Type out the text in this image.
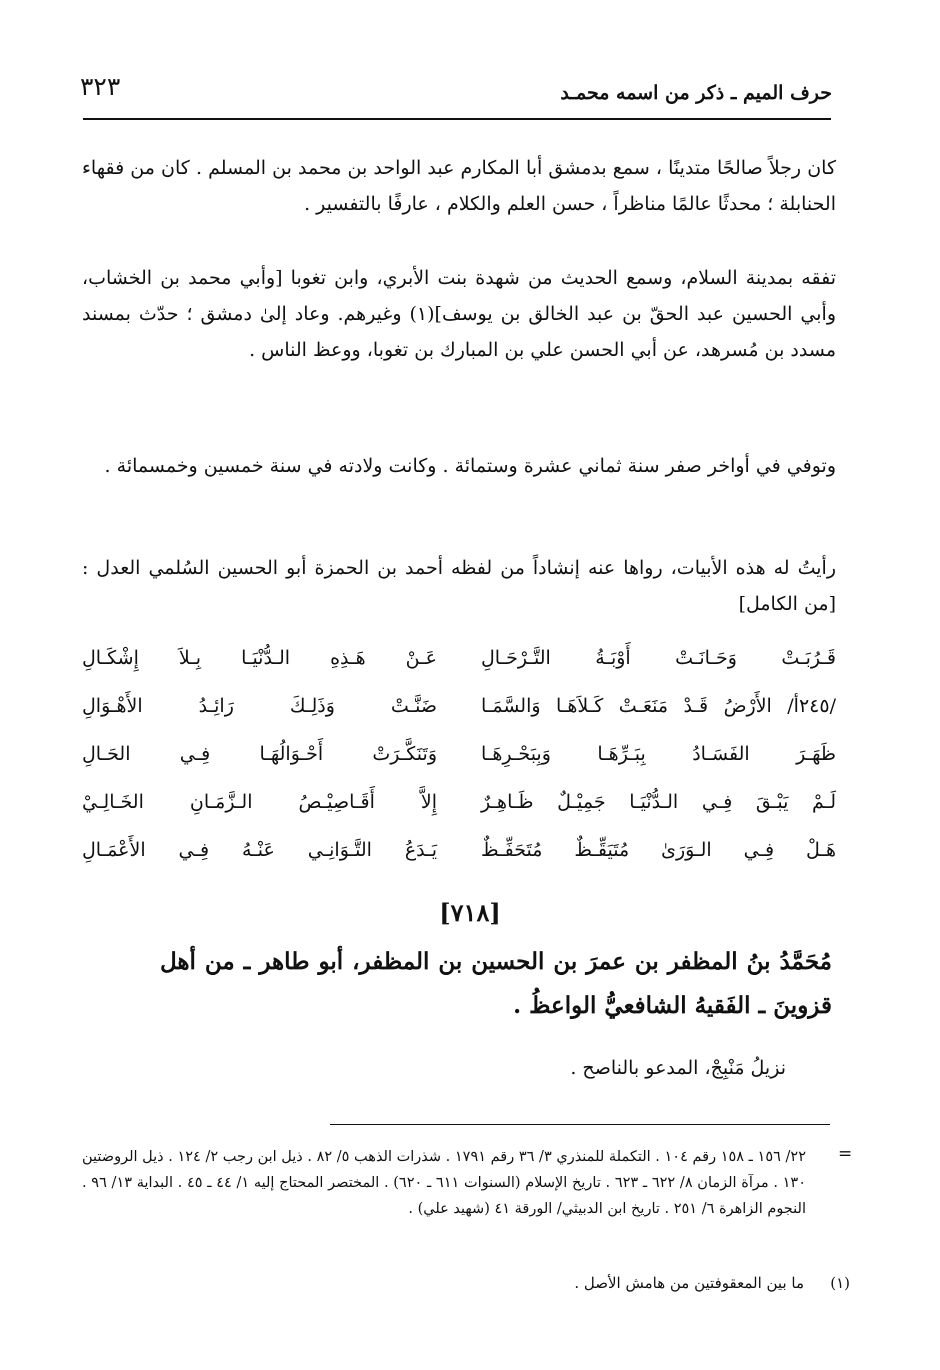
٣٢٣	حرف الميم ـ ذكر من اسمه محمـد

كان رجلاً صالحًا متدينًا ، سمع بدمشق أبا المكارم عبد الواحد بن محمد بن المسلم . كان من فقهاء الحنابلة ؛ محدثًا عالمًا مناظراً ، حسن العلم والكلام ، عارفًا بالتفسير .

تفقه بمدينة السلام، وسمع الحديث من شهدة بنت الأبري، وابن تغوبا [وأبي محمد بن الخشاب، وأبي الحسين عبد الحقّ بن عبد الخالق بن يوسف](١) وغيرهم. وعاد إلىٰ دمشق ؛ حدّث بمسند مسدد بن مُسرهد، عن أبي الحسن علي بن المبارك بن تغوبا، ووعظ الناس .

وتوفي في أواخر صفر سنة ثماني عشرة وستمائة . وكانت ولادته في سنة خمسين وخمسمائة .

رأيتُ له هذه الأبيات، رواها عنه إنشاداً من لفظه أحمد بن الحمزة أبو الحسين السُلمي العدل : [من الكامل]

قَـرُبَـتْ وَحَـانَـتْ أَوْبَـةُ التَّـرْحَـالِ
عَـنْ هَـذِهِ الـدُّنْيَـا بِـلاَ إِشْكَـالِ
/٢٤٥أ/ الأَرْضُ قَـدْ مَنَعَـتْ كَـلاَهَـا وَالسَّمَـا
ضَنَّـتْ وَذَلِـكَ رَائِـدُ الأَهْـوَالِ
ظَهَـرَ الفَسَـادُ بِبَـرِّهَـا وَبِبَحْـرِهَـا
وَتَنَكَّـرَتْ أَحْـوَالُهَـا فِـي الحَـالِ
لَـمْ يَبْـقَ فِـي الـدُّنْيَـا جَمِيْـلٌ ظَـاهِـرٌ
إِلاَّ أَقَـاصِيْـصُ الـزَّمَـانِ الخَـالِـيْ
هَـلْ فِـي الـوَرَىٰ مُتَيَقِّـظٌ مُتَحَفِّـظٌ
يَـدَعُ التَّـوَانِـي عَنْـهُ فِـي الأَعْمَـالِ
[٧١٨]
مُحَمَّدُ بنُ المظفر بن عمرَ بن الحسين بن المظفر، أبو طاهر ـ من أهل قزوينَ ـ الفَقيهُ الشافعيُّ الواعظُ .
نزيلُ مَنْبِجْ، المدعو بالناصح .
=
٢٢/ ١٥٦ ـ ١٥٨ رقم ١٠٤ . التكملة للمنذري ٣/ ٣٦ رقم ١٧٩١ . شذرات الذهب ٥/ ٨٢ . ذيل ابن رجب ٢/ ١٢٤ . ذيل الروضتين ١٣٠ . مرآة الزمان ٨/ ٦٢٢ ـ ٦٢٣ . تاريخ الإسلام (السنوات ٦١١ ـ ٦٢٠) . المختصر المحتاج إليه ١/ ٤٤ ـ ٤٥ . البداية ١٣/ ٩٦ . النجوم الزاهرة ٦/ ٢٥١ . تاريخ ابن الدبيثي/ الورقة ٤١ (شهيد علي) .
(١)
ما بين المعقوفتين من هامش الأصل .
